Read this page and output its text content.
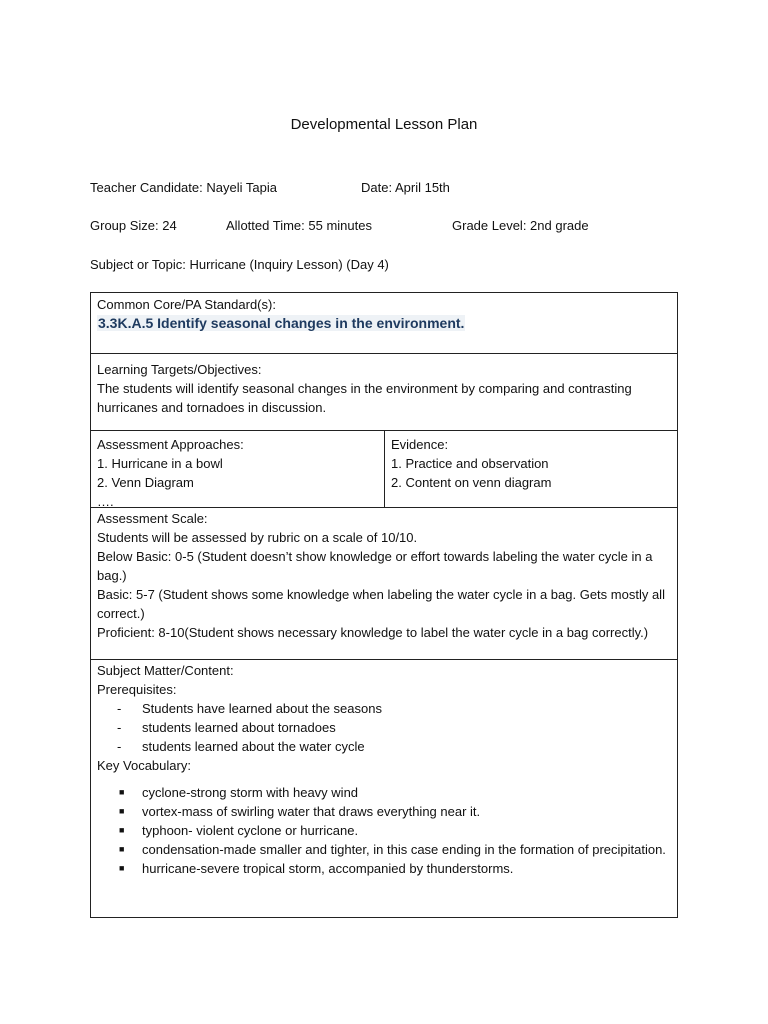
Developmental Lesson Plan
Teacher Candidate: Nayeli Tapia	Date: April 15th
Group Size: 24	Allotted Time: 55 minutes	Grade Level: 2nd grade
Subject or Topic: Hurricane (Inquiry Lesson) (Day 4)
Common Core/PA Standard(s):
3.3K.A.5 Identify seasonal changes in the environment.
Learning Targets/Objectives:
The students will identify seasonal changes in the environment by comparing and contrasting hurricanes and tornadoes in discussion.
Assessment Approaches:
1. Hurricane in a bowl
2. Venn Diagram
….
Evidence:
1. Practice and observation
2. Content on venn diagram
Assessment Scale:
Students will be assessed by rubric on a scale of 10/10.
Below Basic: 0-5 (Student doesn’t show knowledge or effort towards labeling the water cycle in a bag.)
Basic: 5-7 (Student shows some knowledge when labeling the water cycle in a bag. Gets mostly all correct.)
Proficient: 8-10(Student shows necessary knowledge to label the water cycle in a bag correctly.)
Subject Matter/Content:
Prerequisites:
-	Students have learned about the seasons
-	students learned about tornadoes
-	students learned about the water cycle
Key Vocabulary:
■	cyclone-strong storm with heavy wind
■	vortex-mass of swirling water that draws everything near it.
■	typhoon- violent cyclone or hurricane.
■	condensation-made smaller and tighter, in this case ending in the formation of precipitation.
■	hurricane-severe tropical storm, accompanied by thunderstorms.
